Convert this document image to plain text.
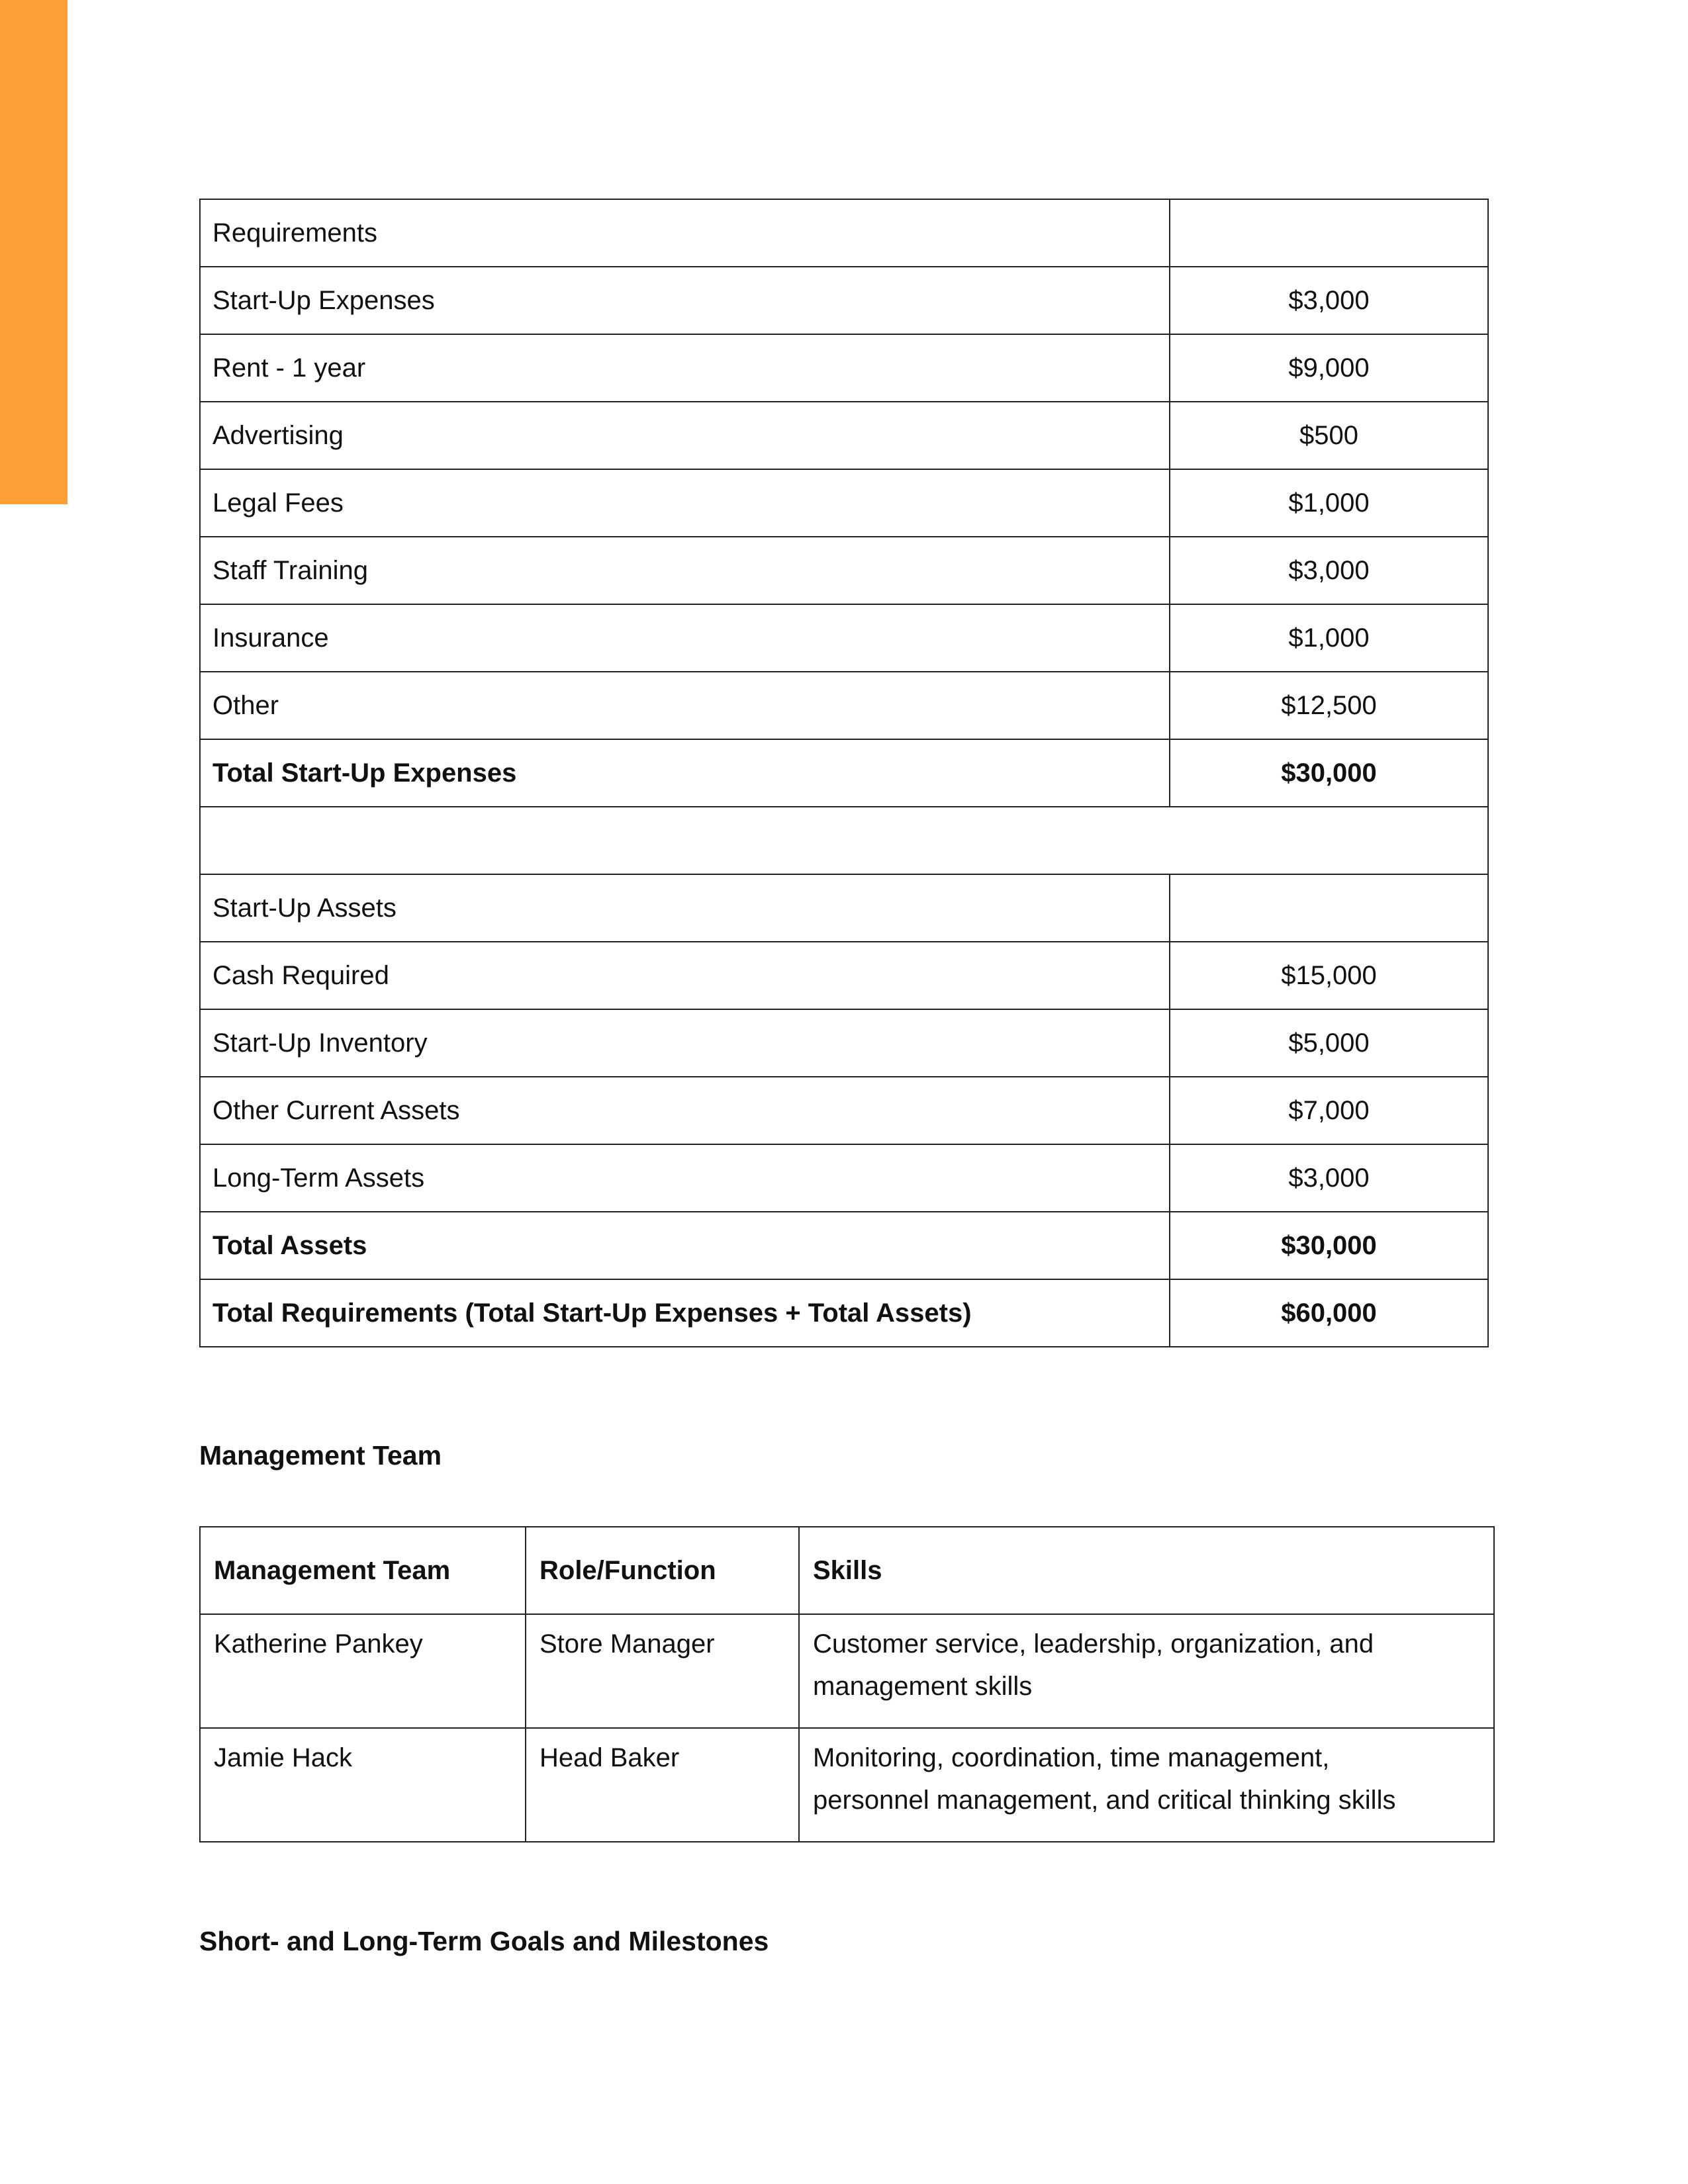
Requirements	
Start-Up Expenses	$3,000
Rent - 1 year	$9,000
Advertising	$500
Legal Fees	$1,000
Staff Training	$3,000
Insurance	$1,000
Other	$12,500
Total Start-Up Expenses	$30,000

Start-Up Assets	
Cash Required	$15,000
Start-Up Inventory	$5,000
Other Current Assets	$7,000
Long-Term Assets	$3,000
Total Assets	$30,000
Total Requirements (Total Start-Up Expenses + Total Assets)	$60,000
Management Team
Management Team	Role/Function	Skills
Katherine Pankey	Store Manager	Customer service, leadership, organization, and
management skills

Jamie Hack	Head Baker	Monitoring, coordination, time management,
personnel management, and critical thinking skills
Short- and Long-Term Goals and Milestones
